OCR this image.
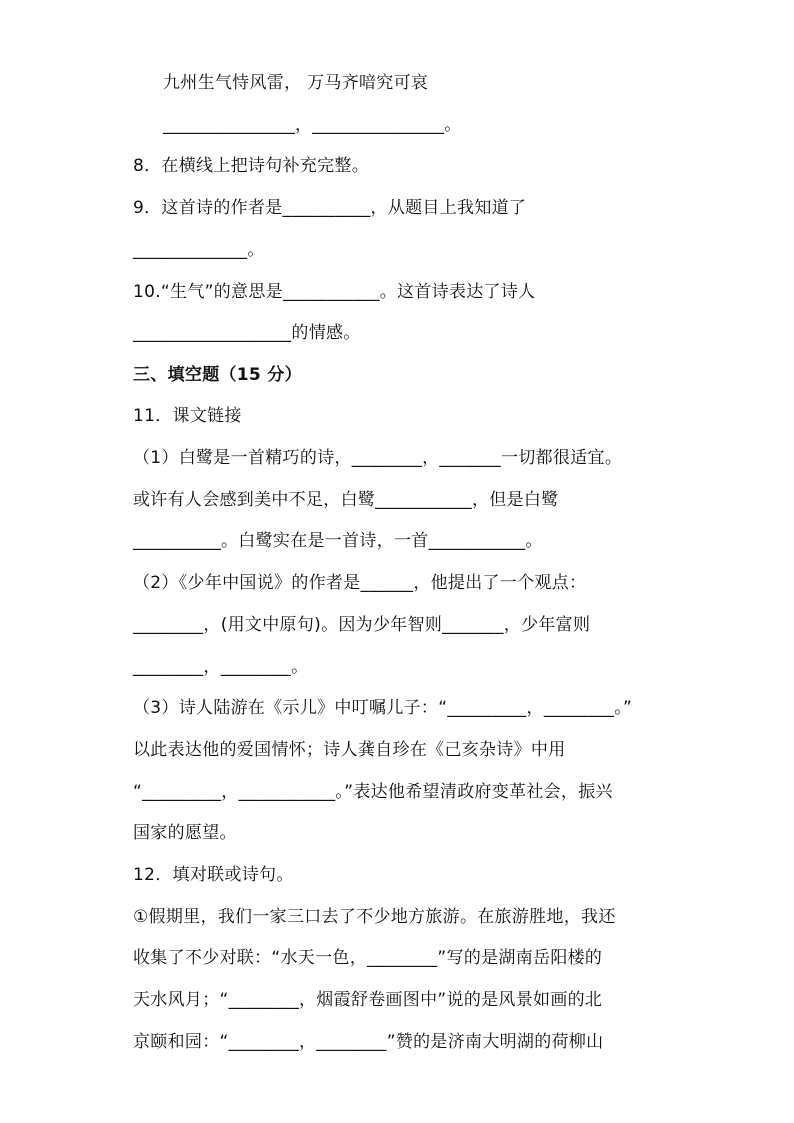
九州生气恃风雷， 万马齐喑究可哀
_______________，_______________。
8．在横线上把诗句补充完整。
9．这首诗的作者是__________，从题目上我知道了
_____________。
10.“生气”的意思是___________。这首诗表达了诗人
__________________的情感。
三、填空题（15 分）
11．课文链接
（1）白鹭是一首精巧的诗，________，_______一切都很适宜。
或许有人会感到美中不足，白鹭___________，但是白鹭
__________。白鹭实在是一首诗，一首___________。
（2）《少年中国说》的作者是______，他提出了一个观点：
________，(用文中原句)。因为少年智则_______，少年富则
________，________。
（3）诗人陆游在《示儿》中叮嘱儿子：“_________，________。”
以此表达他的爱国情怀；诗人龚自珍在《己亥杂诗》中用
“_________，___________。”表达他希望清政府变革社会，振兴
国家的愿望。
12．填对联或诗句。
①假期里，我们一家三口去了不少地方旅游。在旅游胜地，我还
收集了不少对联：“水天一色，________”写的是湖南岳阳楼的
天水风月；“________，烟霞舒卷画图中”说的是风景如画的北
京颐和园：“________，________”赞的是济南大明湖的荷柳山
